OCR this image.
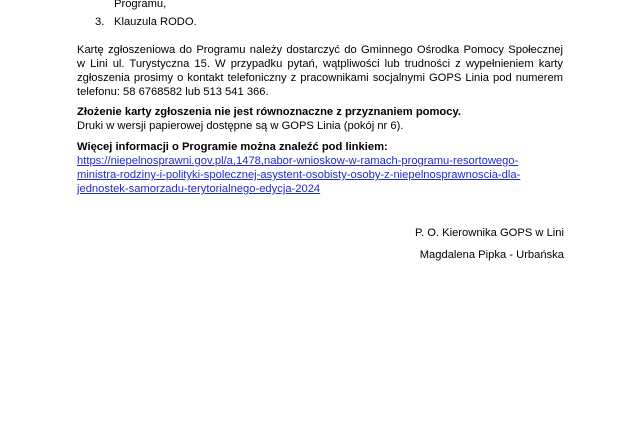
Programu,
3. Klauzula RODO.
Kartę zgłoszeniowa do Programu należy dostarczyć do Gminnego Ośrodka Pomocy Społecznej
w Lini ul. Turystyczna 15. W przypadku pytań, wątpliwości lub trudności z wypełnieniem karty
zgłoszenia prosimy o kontakt telefoniczny z pracownikami socjalnymi GOPS Linia pod numerem
telefonu: 58 6768582 lub 513 541 366.
Złożenie karty zgłoszenia nie jest równoznaczne z przyznaniem pomocy.
Druki w wersji papierowej dostępne są w GOPS Linia (pokój nr 6).
Więcej informacji o Programie można znaleźć pod linkiem:
https://niepelnosprawni.gov.pl/a,1478,nabor-wnioskow-w-ramach-programu-resortowego-
ministra-rodziny-i-polityki-spolecznej-asystent-osobisty-osoby-z-niepelnosprawnoscia-dla-
jednostek-samorzadu-terytorialnego-edycja-2024
P. O. Kierownika GOPS w Lini
Magdalena Pipka - Urbańska
